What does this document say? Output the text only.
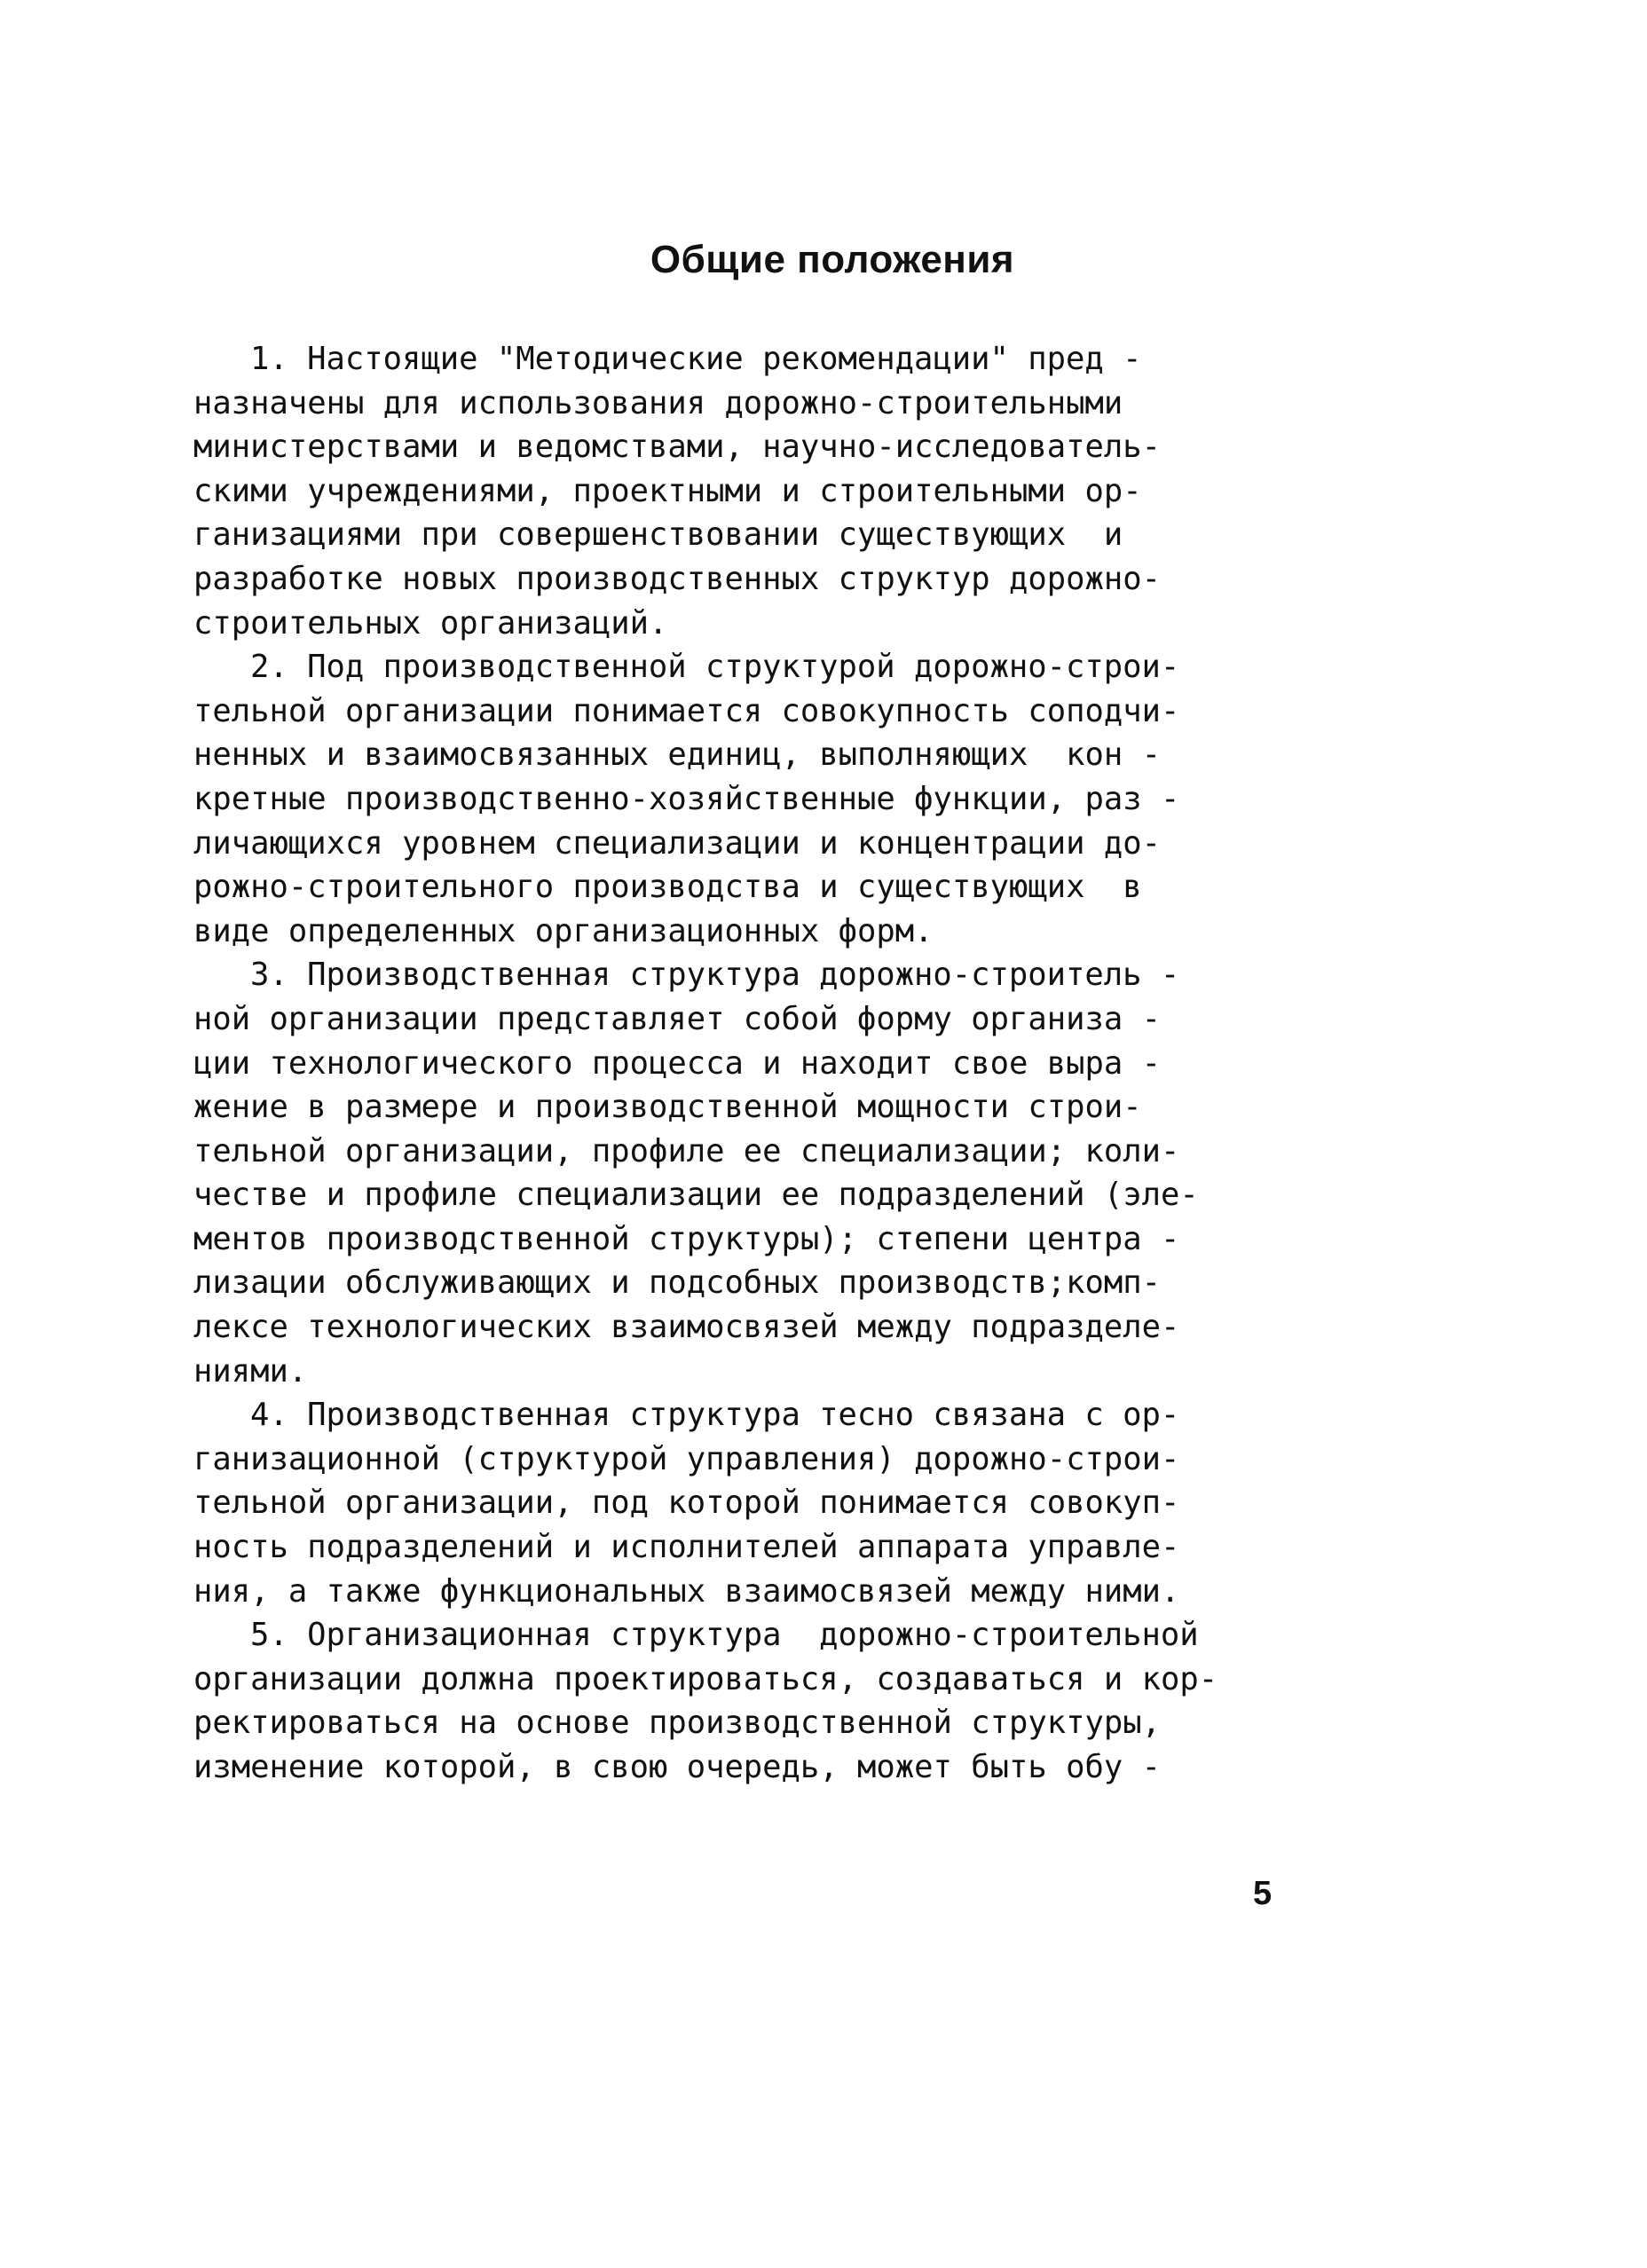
Общие положения
1. Настоящие "Методические рекомендации" пред -
назначены для использования дорожно-строительными
министерствами и ведомствами, научно-исследователь-
скими учреждениями, проектными и строительными ор-
ганизациями при совершенствовании существующих  и
разработке новых производственных структур дорожно-
строительных организаций.
2. Под производственной структурой дорожно-строи-
тельной организации понимается совокупность соподчи-
ненных и взаимосвязанных единиц, выполняющих  кон -
кретные производственно-хозяйственные функции, раз -
личающихся уровнем специализации и концентрации до-
рожно-строительного производства и существующих  в
виде определенных организационных форм.
3. Производственная структура дорожно-строитель -
ной организации представляет собой форму организа -
ции технологического процесса и находит свое выра -
жение в размере и производственной мощности строи-
тельной организации, профиле ее специализации; коли-
честве и профиле специализации ее подразделений (эле-
ментов производственной структуры); степени центра -
лизации обслуживающих и подсобных производств;комп-
лексе технологических взаимосвязей между подразделе-
ниями.
4. Производственная структура тесно связана с ор-
ганизационной (структурой управления) дорожно-строи-
тельной организации, под которой понимается совокуп-
ность подразделений и исполнителей аппарата управле-
ния, а также функциональных взаимосвязей между ними.
5. Организационная структура  дорожно-строительной
организации должна проектироваться, создаваться и кор-
ректироваться на основе производственной структуры,
изменение которой, в свою очередь, может быть обу -
5
